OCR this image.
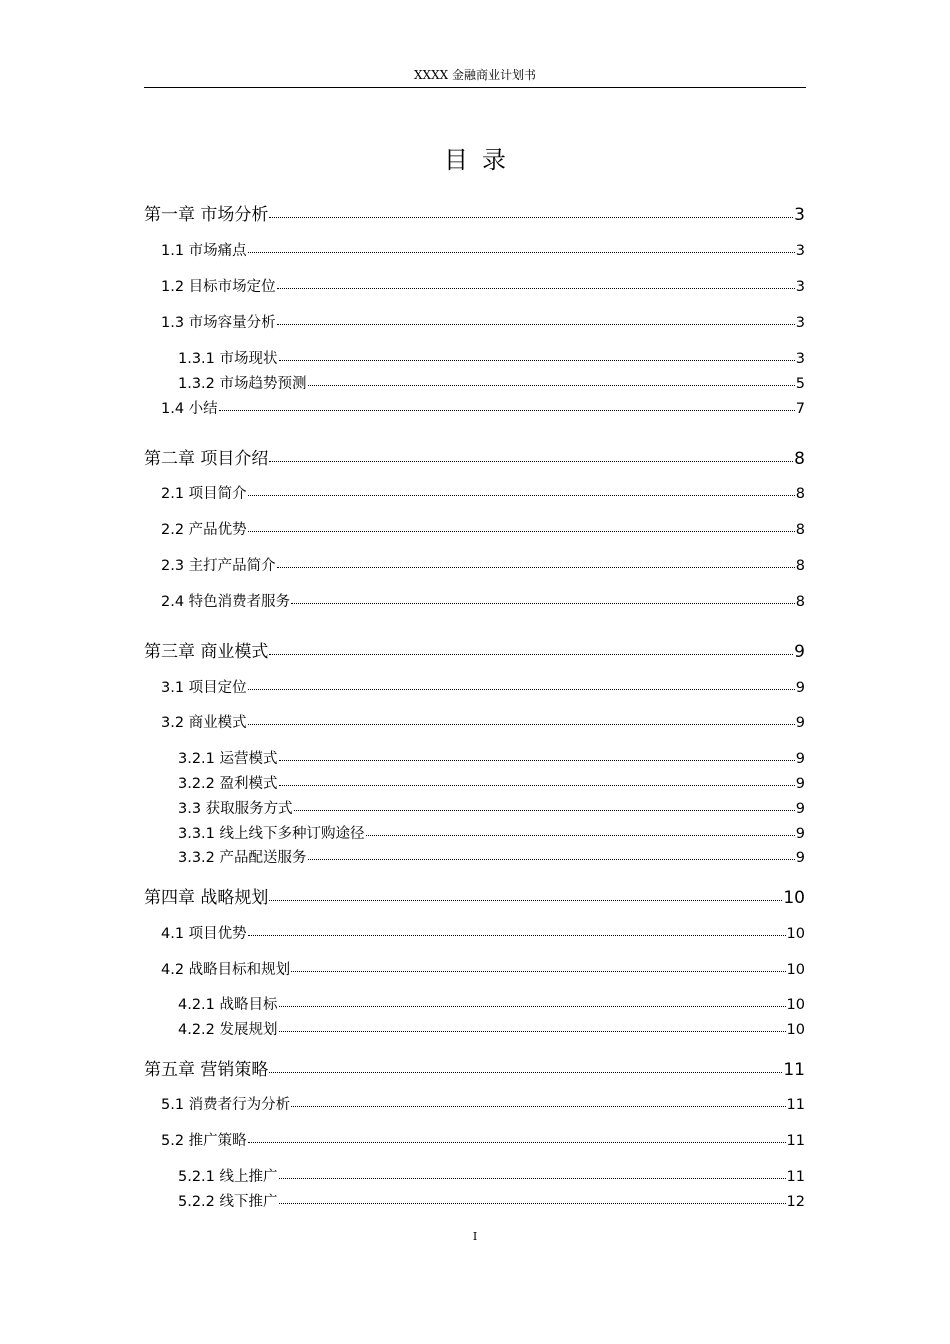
XXXX 金融商业计划书
目录
第一章 市场分析	3
1.1 市场痛点	3
1.2 目标市场定位	3
1.3 市场容量分析	3
1.3.1 市场现状	3
1.3.2 市场趋势预测	5
1.4 小结	7
第二章 项目介绍	8
2.1 项目简介	8
2.2 产品优势	8
2.3 主打产品简介	8
2.4 特色消费者服务	8
第三章 商业模式	9
3.1 项目定位	9
3.2 商业模式	9
3.2.1 运营模式	9
3.2.2 盈利模式	9
3.3 获取服务方式	9
3.3.1 线上线下多种订购途径	9
3.3.2 产品配送服务	9
第四章 战略规划	10
4.1 项目优势	10
4.2 战略目标和规划	10
4.2.1 战略目标	10
4.2.2 发展规划	10
第五章 营销策略	11
5.1 消费者行为分析	11
5.2 推广策略	11
5.2.1 线上推广	11
5.2.2 线下推广	12
I
